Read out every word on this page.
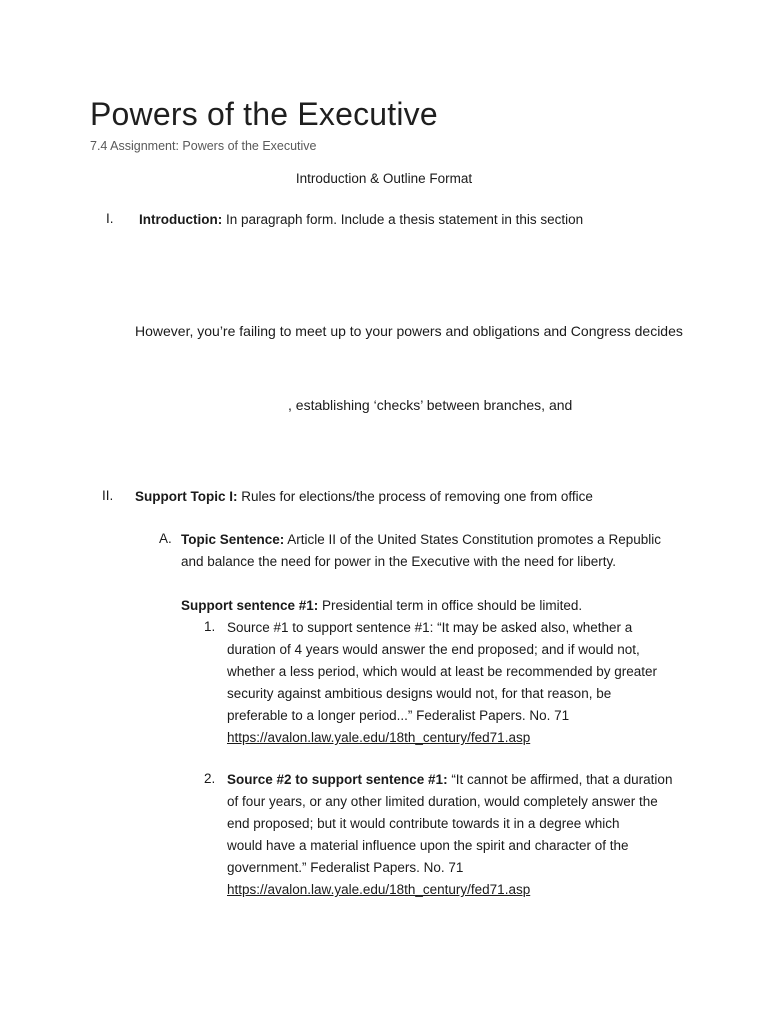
Powers of the Executive
7.4 Assignment: Powers of the Executive
Introduction & Outline Format
I. Introduction: In paragraph form. Include a thesis statement in this section
However, you’re failing to meet up to your powers and obligations and Congress decides
, establishing ‘checks’ between branches, and
II. Support Topic I: Rules for elections/the process of removing one from office
A. Topic Sentence: Article II of the United States Constitution promotes a Republic
and balance the need for power in the Executive with the need for liberty.
Support sentence #1: Presidential term in office should be limited.
1. Source #1 to support sentence #1: “It may be asked also, whether a
duration of 4 years would answer the end proposed; and if would not,
whether a less period, which would at least be recommended by greater
security against ambitious designs would not, for that reason, be
preferable to a longer period...” Federalist Papers. No. 71
https://avalon.law.yale.edu/18th_century/fed71.asp
2. Source #2 to support sentence #1: “It cannot be affirmed, that a duration
of four years, or any other limited duration, would completely answer the
end proposed; but it would contribute towards it in a degree which
would have a material influence upon the spirit and character of the
government.” Federalist Papers. No. 71
https://avalon.law.yale.edu/18th_century/fed71.asp
